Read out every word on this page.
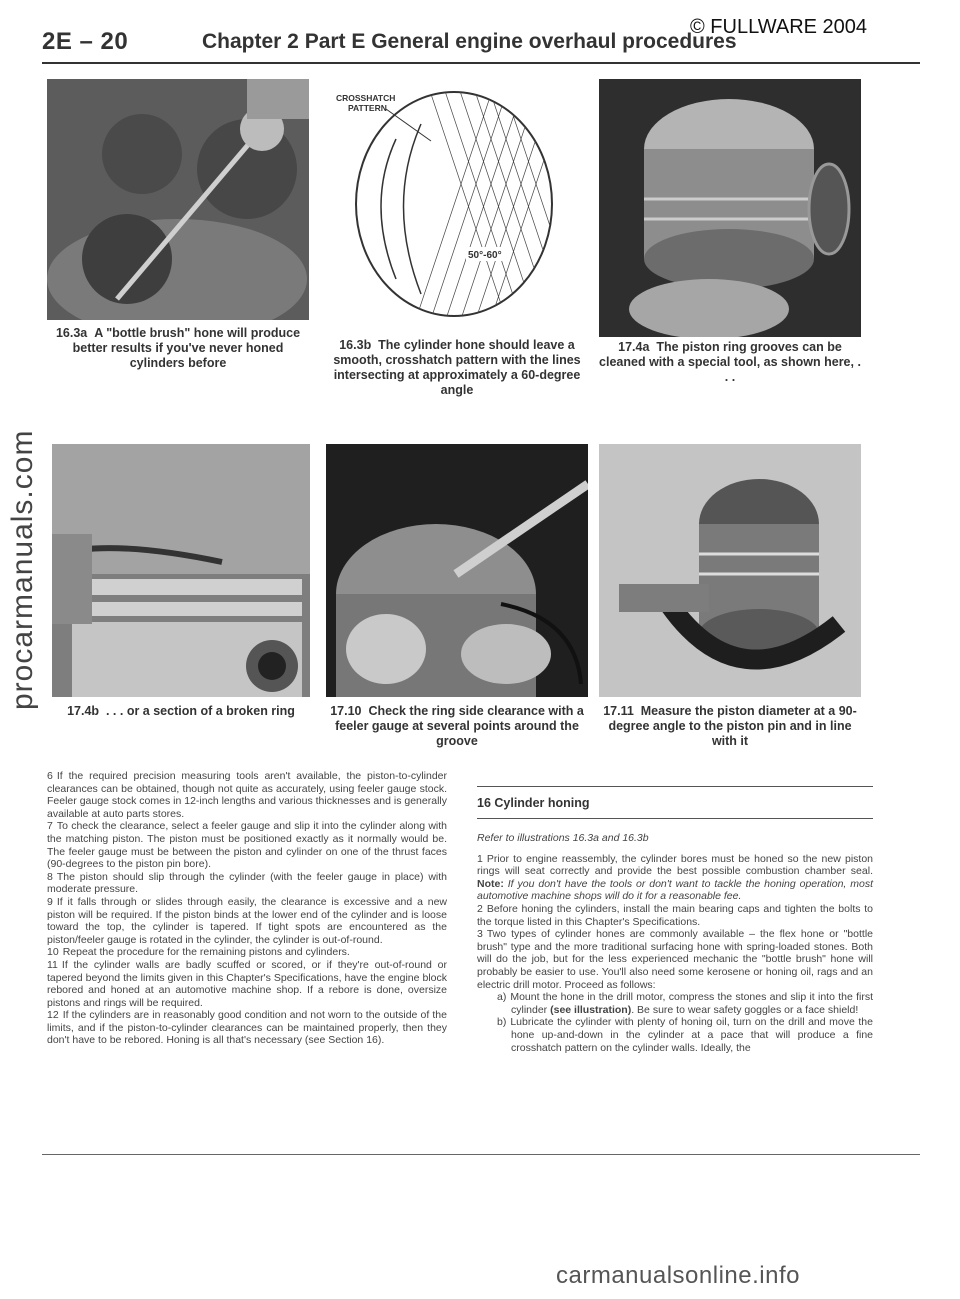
2E – 20	Chapter 2 Part E General engine overhaul procedures
© FULLWARE 2004
procarmanuals.com
16.3a A "bottle brush" hone will produce better results if you've never honed cylinders before
CROSSHATCH
PATTERN
50°-60°
16.3b The cylinder hone should leave a smooth, crosshatch pattern with the lines intersecting at approximately a 60-degree angle
17.4a The piston ring grooves can be cleaned with a special tool, as shown here, . . .
17.4b . . . or a section of a broken ring	17.10 Check the ring side clearance with a feeler gauge at several points around the groove
17.11 Measure the piston diameter at a 90-degree angle to the piston pin and in line with it

6 If the required precision measuring tools aren't available, the piston-to-cylinder clearances can be obtained, though not quite as accurately, using feeler gauge stock. Feeler gauge stock comes in 12-inch lengths and various thicknesses and is generally available at auto parts stores.

7 To check the clearance, select a feeler gauge and slip it into the cylinder along with the matching piston. The piston must be positioned exactly as it normally would be. The feeler gauge must be between the piston and cylinder on one of the thrust faces (90-degrees to the piston pin bore).

8 The piston should slip through the cylinder (with the feeler gauge in place) with moderate pressure.

9 If it falls through or slides through easily, the clearance is excessive and a new piston will be required. If the piston binds at the lower end of the cylinder and is loose toward the top, the cylinder is tapered. If tight spots are encountered as the piston/feeler gauge is rotated in the cylinder, the cylinder is out-of-round.

10 Repeat the procedure for the remaining pistons and cylinders.

11 If the cylinder walls are badly scuffed or scored, or if they're out-of-round or tapered beyond the limits given in this Chapter's Specifications, have the engine block rebored and honed at an automotive machine shop. If a rebore is done, oversize pistons and rings will be required.

12 If the cylinders are in reasonably good condition and not worn to the outside of the limits, and if the piston-to-cylinder clearances can be maintained properly, then they don't have to be rebored. Honing is all that's necessary (see Section 16).

16 Cylinder honing

Refer to illustrations 16.3a and 16.3b

1 Prior to engine reassembly, the cylinder bores must be honed so the new piston rings will seat correctly and provide the best possible combustion chamber seal. Note: If you don't have the tools or don't want to tackle the honing operation, most automotive machine shops will do it for a reasonable fee.

2 Before honing the cylinders, install the main bearing caps and tighten the bolts to the torque listed in this Chapter's Specifications.

3 Two types of cylinder hones are commonly available – the flex hone or "bottle brush" type and the more traditional surfacing hone with spring-loaded stones. Both will do the job, but for the less experienced mechanic the "bottle brush" hone will probably be easier to use. You'll also need some kerosene or honing oil, rags and an electric drill motor. Proceed as follows:

a) Mount the hone in the drill motor, compress the stones and slip it into the first cylinder (see illustration). Be sure to wear safety goggles or a face shield!

b) Lubricate the cylinder with plenty of honing oil, turn on the drill and move the hone up-and-down in the cylinder at a pace that will produce a fine crosshatch pattern on the cylinder walls. Ideally, the

carmanualsonline.info
